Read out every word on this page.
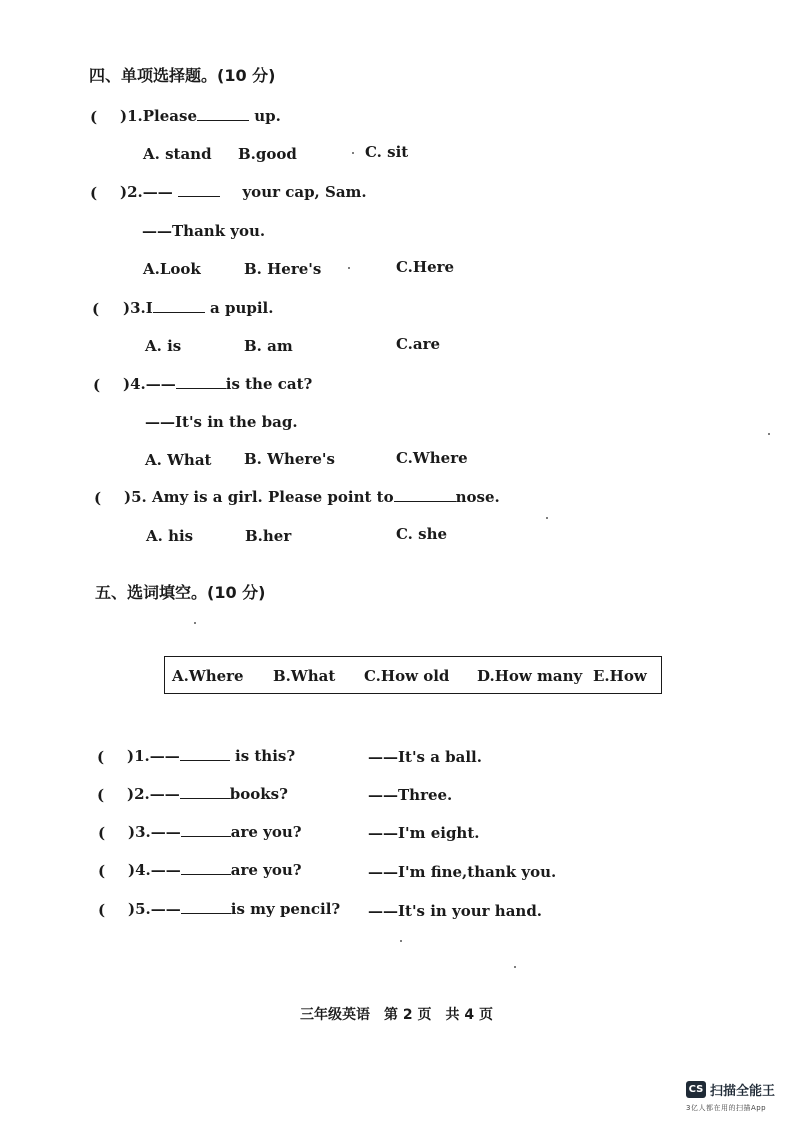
四、单项选择题。(10 分)
( )1.Please	up.
A. stand B.good	C. sit
( )2.——	your cap, Sam.
——Thank you.
A.Look	B. Here's	C.Here
( )3.I	a pupil.
A. is	B. am	C.are
( )4.——	is the cat?
——It's in the bag.
A. What B. Where's	C.Where
( )5. Amy is a girl. Please point to	nose.
A. his	B.her	C. she
五、选词填空。(10 分)
A.Where B.What C.How old D.How many E.How
( )1.——	is this?	——It's a ball.
( )2.——	books?	——Three.
( )3.——	are you?	——I'm eight.
( )4.——	are you?	——I'm fine,thank you.
( )5.——	is my pencil? ——It's in your hand.
三年级英语　第 2 页　共 4 页
CS 扫描全能王
3亿人都在用的扫描App
